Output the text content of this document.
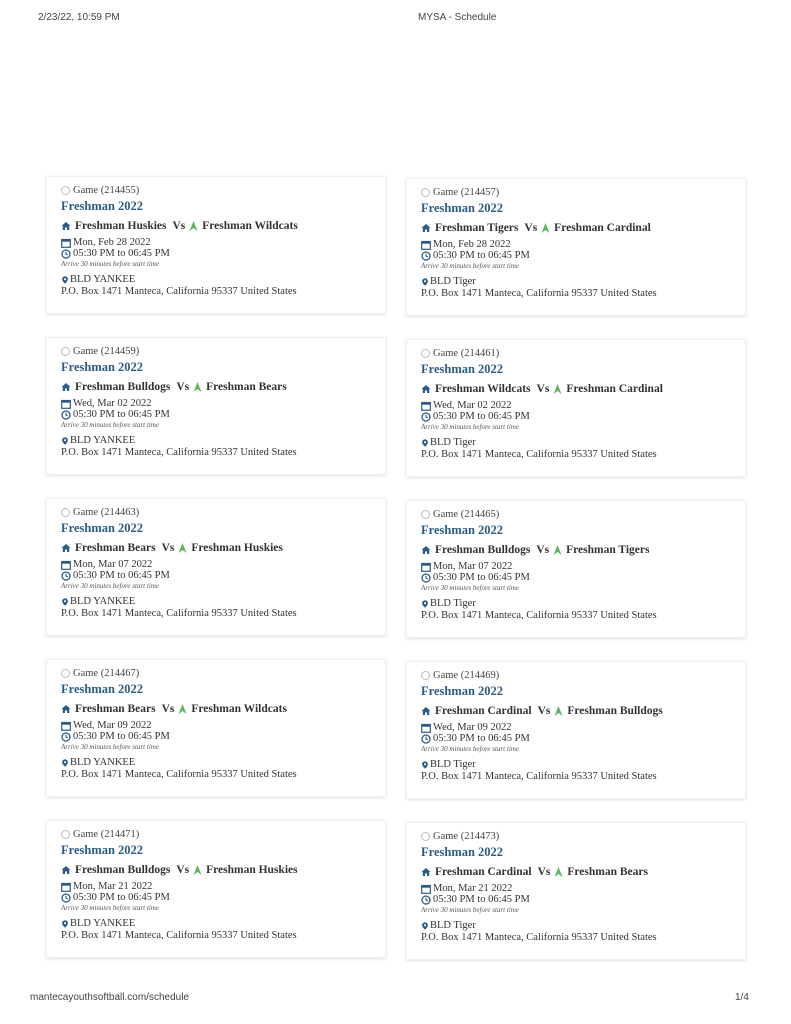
2/23/22, 10:59 PM	MYSA - Schedule
Game (214455)
Freshman 2022
Freshman Huskies Vs Freshman Wildcats
Mon, Feb 28 2022
05:30 PM to 06:45 PM
Arrive 30 minutes before start time
BLD YANKEE
P.O. Box 1471 Manteca, California 95337 United States
Game (214457)
Freshman 2022
Freshman Tigers Vs Freshman Cardinal
Mon, Feb 28 2022
05:30 PM to 06:45 PM
Arrive 30 minutes before start time
BLD Tiger
P.O. Box 1471 Manteca, California 95337 United States
Game (214459)
Freshman 2022
Freshman Bulldogs Vs Freshman Bears
Wed, Mar 02 2022
05:30 PM to 06:45 PM
Arrive 30 minutes before start time
BLD YANKEE
P.O. Box 1471 Manteca, California 95337 United States
Game (214461)
Freshman 2022
Freshman Wildcats Vs Freshman Cardinal
Wed, Mar 02 2022
05:30 PM to 06:45 PM
Arrive 30 minutes before start time
BLD Tiger
P.O. Box 1471 Manteca, California 95337 United States
Game (214463)
Freshman 2022
Freshman Bears Vs Freshman Huskies
Mon, Mar 07 2022
05:30 PM to 06:45 PM
Arrive 30 minutes before start time
BLD YANKEE
P.O. Box 1471 Manteca, California 95337 United States
Game (214465)
Freshman 2022
Freshman Bulldogs Vs Freshman Tigers
Mon, Mar 07 2022
05:30 PM to 06:45 PM
Arrive 30 minutes before start time
BLD Tiger
P.O. Box 1471 Manteca, California 95337 United States
Game (214467)
Freshman 2022
Freshman Bears Vs Freshman Wildcats
Wed, Mar 09 2022
05:30 PM to 06:45 PM
Arrive 30 minutes before start time
BLD YANKEE
P.O. Box 1471 Manteca, California 95337 United States
Game (214469)
Freshman 2022
Freshman Cardinal Vs Freshman Bulldogs
Wed, Mar 09 2022
05:30 PM to 06:45 PM
Arrive 30 minutes before start time
BLD Tiger
P.O. Box 1471 Manteca, California 95337 United States
Game (214471)
Freshman 2022
Freshman Bulldogs Vs Freshman Huskies
Mon, Mar 21 2022
05:30 PM to 06:45 PM
Arrive 30 minutes before start time
BLD YANKEE
P.O. Box 1471 Manteca, California 95337 United States
Game (214473)
Freshman 2022
Freshman Cardinal Vs Freshman Bears
Mon, Mar 21 2022
05:30 PM to 06:45 PM
Arrive 30 minutes before start time
BLD Tiger
P.O. Box 1471 Manteca, California 95337 United States
mantecayouthsoftball.com/schedule	1/4
